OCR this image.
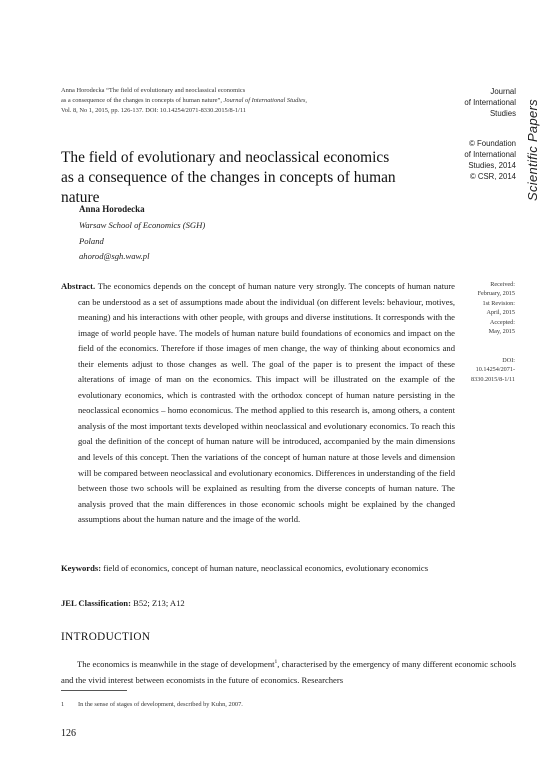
Anna Horodecka “The field of evolutionary and neoclassical economics
as a consequence of the changes in concepts of human nature”, Journal of International Studies,
Vol. 8, No 1, 2015, pp. 126-137. DOI: 10.14254/2071-8330.2015/8-1/11
Journal
of International
Studies
© Foundation
of International
Studies, 2014
© CSR, 2014 Scientific Papers
The field of evolutionary and neoclassical economics
as a consequence of the changes in concepts of human nature
Anna Horodecka
Warsaw School of Economics (SGH)
Poland
ahorod@sgh.waw.pl
Abstract. The economics depends on the concept of human nature very strongly. The concepts of human nature can be understood as a set of assumptions made about the individual (on different levels: behaviour, motives, meaning) and his interactions with other people, with groups and diverse institutions. It corresponds with the image of world people have. The models of human nature build foundations of economics and impact on the field of the economics. Therefore if those images of men change, the way of thinking about economics and their elements adjust to those changes as well. The goal of the paper is to present the impact of these alterations of image of man on the economics. This impact will be illustrated on the example of the evolutionary economics, which is contrasted with the orthodox concept of human nature persisting in the neoclassical economics – homo economicus. The method applied to this research is, among others, a content analysis of the most important texts developed within neoclassical and evolutionary economics. To reach this goal the definition of the concept of human nature will be introduced, accompanied by the main dimensions and levels of this concept. Then the variations of the concept of human nature at those levels and dimension will be compared between neoclassical and evolutionary economics. Differences in understanding of the field between those two schools will be explained as resulting from the diverse concepts of human nature. The analysis proved that the main differences in those economic schools might be explained by the changed assumptions about the human nature and the image of the world.
Received:
February, 2015
1st Revision:
April, 2015
Accepted:
May, 2015
DOI:
10.14254/2071-
8330.2015/8-1/11
Keywords: field of economics, concept of human nature, neoclassical economics, evolutionary economics
JEL Classification: B52; Z13; A12
INTRODUCTION
The economics is meanwhile in the stage of development$^1$, characterised by the emergency of many different economic schools and the vivid interest between economists in the future of economics. Researchers
1 In the sense of stages of development, described by Kuhn, 2007.
126
